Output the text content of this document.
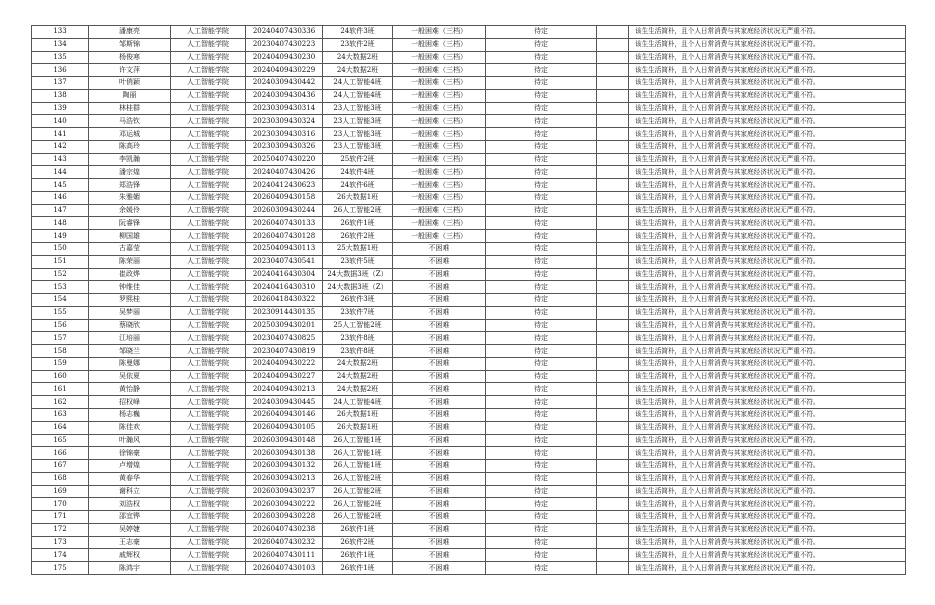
133	潘康亮	人工智能学院	20240407430336	24软件3班	一般困难（三档）	待定		该生生活简朴，且个人日常消费与其家庭经济状况无严重不符。
134	邹斯锦	人工智能学院	20230407430223	23软件2班	一般困难（三档）	待定		该生生活简朴，且个人日常消费与其家庭经济状况无严重不符。
135	杨俊寒	人工智能学院	20240409430230	24大数据2班	一般困难（三档）	待定		该生生活简朴，且个人日常消费与其家庭经济状况无严重不符。
136	许文萍	人工智能学院	20240409430229	24大数据2班	一般困难（三档）	待定		该生生活简朴，且个人日常消费与其家庭经济状况无严重不符。
137	叶俏颖	人工智能学院	20240309430442	24人工智能4班	一般困难（三档）	待定		该生生活简朴，且个人日常消费与其家庭经济状况无严重不符。
138	陶丽	人工智能学院	20240309430436	24人工智能4班	一般困难（三档）	待定		该生生活简朴，且个人日常消费与其家庭经济状况无严重不符。
139	林桂群	人工智能学院	20230309430314	23人工智能3班	一般困难（三档）	待定		该生生活简朴，且个人日常消费与其家庭经济状况无严重不符。
140	马浩钦	人工智能学院	20230309430324	23人工智能3班	一般困难（三档）	待定		该生生活简朴，且个人日常消费与其家庭经济状况无严重不符。
141	邓运城	人工智能学院	20230309430316	23人工智能3班	一般困难（三档）	待定		该生生活简朴，且个人日常消费与其家庭经济状况无严重不符。
142	陈高玲	人工智能学院	20230309430326	23人工智能3班	一般困难（三档）	待定		该生生活简朴，且个人日常消费与其家庭经济状况无严重不符。
143	李凯瀚	人工智能学院	20250407430220	25软件2班	一般困难（三档）	待定		该生生活简朴，且个人日常消费与其家庭经济状况无严重不符。
144	潘宗煌	人工智能学院	20240407430426	24软件4班	一般困难（三档）	待定		该生生活简朴，且个人日常消费与其家庭经济状况无严重不符。
145	郑浩锋	人工智能学院	20240412430623	24软件6班	一般困难（三档）	待定		该生生活简朴，且个人日常消费与其家庭经济状况无严重不符。
146	朱雅媚	人工智能学院	20260409430158	26大数据1班	一般困难（三档）	待定		该生生活简朴，且个人日常消费与其家庭经济状况无严重不符。
147	余媛伶	人工智能学院	20260309430244	26人工智能2班	一般困难（三档）	待定		该生生活简朴，且个人日常消费与其家庭经济状况无严重不符。
148	阮睿锋	人工智能学院	20260407430133	26软件1班	一般困难（三档）	待定		该生生活简朴，且个人日常消费与其家庭经济状况无严重不符。
149	柳国雄	人工智能学院	20260407430128	26软件2班	一般困难（三档）	待定		该生生活简朴，且个人日常消费与其家庭经济状况无严重不符。
150	古嘉莹	人工智能学院	20250409430113	25大数据1班	不困难	待定		该生生活简朴，且个人日常消费与其家庭经济状况无严重不符。
151	陈荣丽	人工智能学院	20230407430541	23软件5班	不困难	待定		该生生活简朴，且个人日常消费与其家庭经济状况无严重不符。
152	崔政烨	人工智能学院	20240416430304	24大数据3班（Z）	不困难	待定		该生生活简朴，且个人日常消费与其家庭经济状况无严重不符。
153	钟维佳	人工智能学院	20240416430310	24大数据3班（Z）	不困难	待定		该生生活简朴，且个人日常消费与其家庭经济状况无严重不符。
154	罗熙桂	人工智能学院	20260418430322	26软件3班	不困难	待定		该生生活简朴，且个人日常消费与其家庭经济状况无严重不符。
155	吴梦丽	人工智能学院	20230914430135	23软件7班	不困难	待定		该生生活简朴，且个人日常消费与其家庭经济状况无严重不符。
156	蔡晓欣	人工智能学院	20250309430201	25人工智能2班	不困难	待定		该生生活简朴，且个人日常消费与其家庭经济状况无严重不符。
157	江培丽	人工智能学院	20230407430825	23软件8班	不困难	待定		该生生活简朴，且个人日常消费与其家庭经济状况无严重不符。
158	邹晓兰	人工智能学院	20230407430819	23软件8班	不困难	待定		该生生活简朴，且个人日常消费与其家庭经济状况无严重不符。
159	陈曼娜	人工智能学院	20240409430222	24大数据2班	不困难	待定		该生生活简朴，且个人日常消费与其家庭经济状况无严重不符。
160	吴依夏	人工智能学院	20240409430227	24大数据2班	不困难	待定		该生生活简朴，且个人日常消费与其家庭经济状况无严重不符。
161	黄怡静	人工智能学院	20240409430213	24大数据2班	不困难	待定		该生生活简朴，且个人日常消费与其家庭经济状况无严重不符。
162	招权峰	人工智能学院	20240309430445	24人工智能4班	不困难	待定		该生生活简朴，且个人日常消费与其家庭经济状况无严重不符。
163	杨志巍	人工智能学院	20260409430146	26大数据1班	不困难	待定		该生生活简朴，且个人日常消费与其家庭经济状况无严重不符。
164	陈佳欢	人工智能学院	20260409430105	26大数据1班	不困难	待定		该生生活简朴，且个人日常消费与其家庭经济状况无严重不符。
165	叶瀚风	人工智能学院	20260309430148	26人工智能1班	不困难	待定		该生生活简朴，且个人日常消费与其家庭经济状况无严重不符。
166	徐锦豪	人工智能学院	20260309430138	26人工智能1班	不困难	待定		该生生活简朴，且个人日常消费与其家庭经济状况无严重不符。
167	卢增煌	人工智能学院	20260309430132	26人工智能1班	不困难	待定		该生生活简朴，且个人日常消费与其家庭经济状况无严重不符。
168	黄春华	人工智能学院	20260309430213	26人工智能2班	不困难	待定		该生生活简朴，且个人日常消费与其家庭经济状况无严重不符。
169	谢科立	人工智能学院	20260309430237	26人工智能2班	不困难	待定		该生生活简朴，且个人日常消费与其家庭经济状况无严重不符。
170	刘浩权	人工智能学院	20260309430222	26人工智能2班	不困难	待定		该生生活简朴，且个人日常消费与其家庭经济状况无严重不符。
171	邵宜铧	人工智能学院	20260309430228	26人工智能2班	不困难	待定		该生生活简朴，且个人日常消费与其家庭经济状况无严重不符。
172	吴婷婕	人工智能学院	20260407430238	26软件1班	不困难	待定		该生生活简朴，且个人日常消费与其家庭经济状况无严重不符。
173	王志豪	人工智能学院	20260407430232	26软件2班	不困难	待定		该生生活简朴，且个人日常消费与其家庭经济状况无严重不符。
174	戚辉权	人工智能学院	20260407430111	26软件1班	不困难	待定		该生生活简朴，且个人日常消费与其家庭经济状况无严重不符。
175	陈鸿宇	人工智能学院	20260407430103	26软件1班	不困难	待定		该生生活简朴，且个人日常消费与其家庭经济状况无严重不符。
